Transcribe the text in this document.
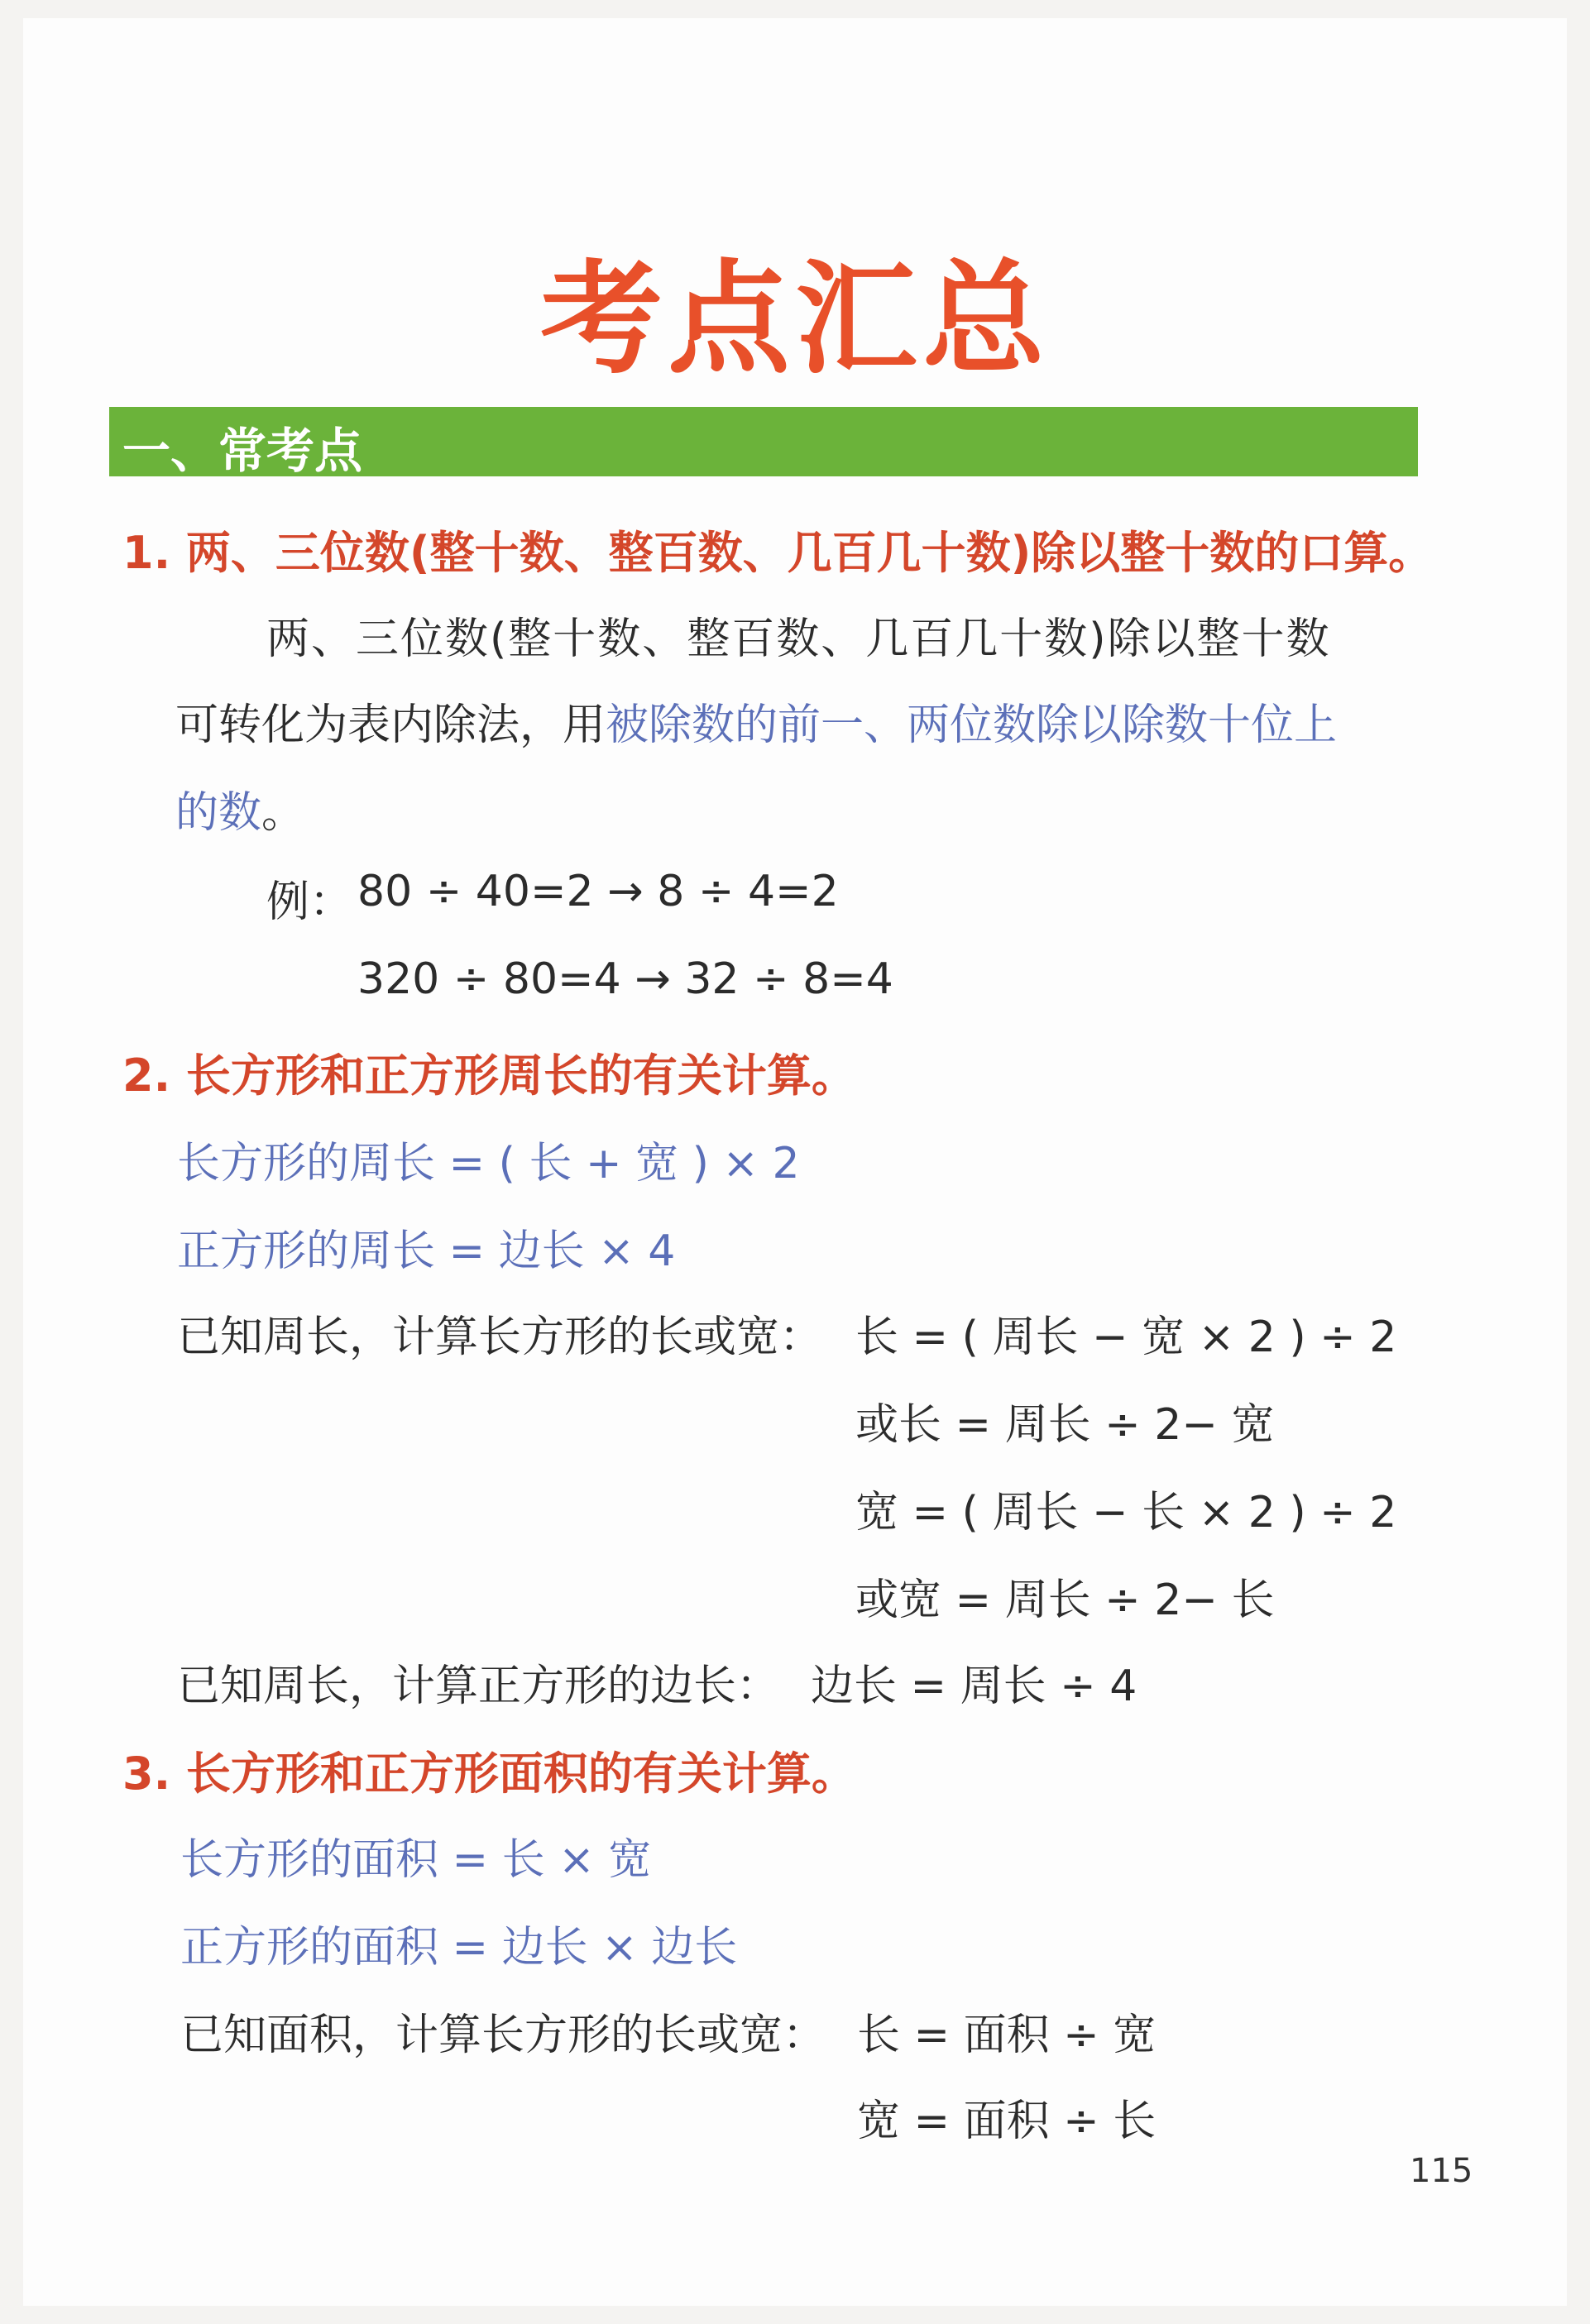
考点汇总
一、常考点
1. 两、三位数(整十数、整百数、几百几十数)除以整十数的口算。
两、三位数(整十数、整百数、几百几十数)除以整十数
可转化为表内除法，用被除数的前一、两位数除以除数十位上
的数。
例： 80 ÷ 40=2 → 8 ÷ 4=2
320 ÷ 80=4 → 32 ÷ 8=4
2. 长方形和正方形周长的有关计算。
长方形的周长 = ( 长 + 宽 ) × 2
正方形的周长 = 边长 × 4
已知周长，计算长方形的长或宽： 长 = ( 周长 − 宽 × 2 ) ÷ 2
或长 = 周长 ÷ 2− 宽
宽 = ( 周长 − 长 × 2 ) ÷ 2
或宽 = 周长 ÷ 2− 长
已知周长，计算正方形的边长： 边长 = 周长 ÷ 4
3. 长方形和正方形面积的有关计算。
长方形的面积 = 长 × 宽
正方形的面积 = 边长 × 边长
已知面积，计算长方形的长或宽： 长 = 面积 ÷ 宽
宽 = 面积 ÷ 长
115
